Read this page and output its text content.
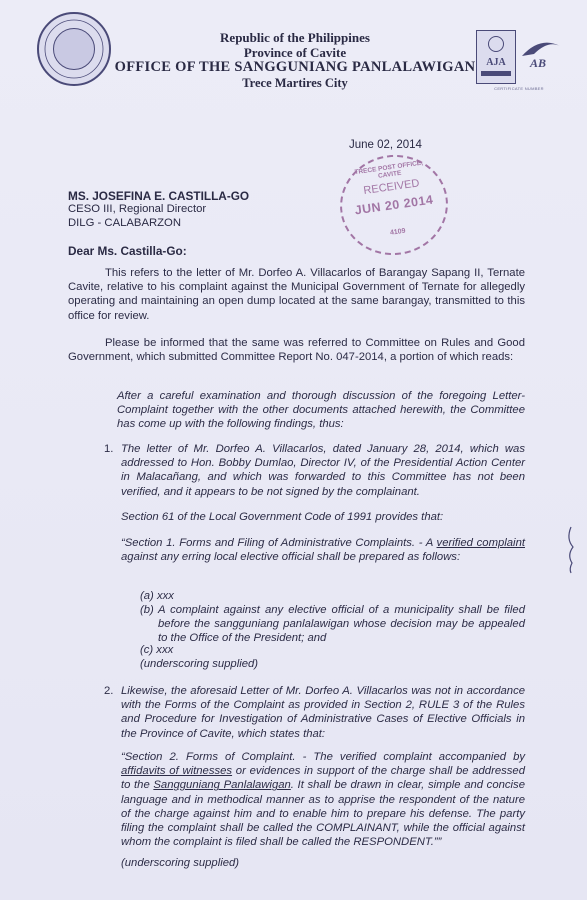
Republic of the Philippines
Province of Cavite
OFFICE OF THE SANGGUNIANG PANLALAWIGAN
Trece Martires City
AJA	AB
CERTIFICATE NUMBER
June 02, 2014
TRECE POST OFFICE, CAVITE
RECEIVED
JUN 20 2014
4109
MS. JOSEFINA E. CASTILLA-GO
CESO III, Regional Director
DILG - CALABARZON
Dear Ms. Castilla-Go:
This refers to the letter of Mr. Dorfeo A. Villacarlos of Barangay Sapang II, Ternate Cavite, relative to his complaint against the Municipal Government of Ternate for allegedly operating and maintaining an open dump located at the same barangay, transmitted to this office for review.
Please be informed that the same was referred to Committee on Rules and Good Government, which submitted Committee Report No. 047-2014, a portion of which reads:
After a careful examination and thorough discussion of the foregoing Letter-Complaint together with the other documents attached herewith, the Committee has come up with the following findings, thus:
1. The letter of Mr. Dorfeo A. Villacarlos, dated January 28, 2014, which was addressed to Hon. Bobby Dumlao, Director IV, of the Presidential Action Center in Malacañang, and which was forwarded to this Committee has not been verified, and it appears to be not signed by the complainant.
Section 61 of the Local Government Code of 1991 provides that:
“Section 1. Forms and Filing of Administrative Complaints. - A verified complaint against any erring local elective official shall be prepared as follows:
(a) xxx
(b) A complaint against any elective official of a municipality shall be filed before the sangguniang panlalawigan whose decision may be appealed to the Office of the President; and
(c) xxx
(underscoring supplied)
2. Likewise, the aforesaid Letter of Mr. Dorfeo A. Villacarlos was not in accordance with the Forms of the Complaint as provided in Section 2, RULE 3 of the Rules and Procedure for Investigation of Administrative Cases of Elective Officials in the Province of Cavite, which states that:
“Section 2. Forms of Complaint. - The verified complaint accompanied by affidavits of witnesses or evidences in support of the charge shall be addressed to the Sangguniang Panlalawigan. It shall be drawn in clear, simple and concise language and in methodical manner as to apprise the respondent of the nature of the charge against him and to enable him to prepare his defense. The party filing the complaint shall be called the COMPLAINANT, while the official against whom the complaint is filed shall be called the RESPONDENT.””
(underscoring supplied)
